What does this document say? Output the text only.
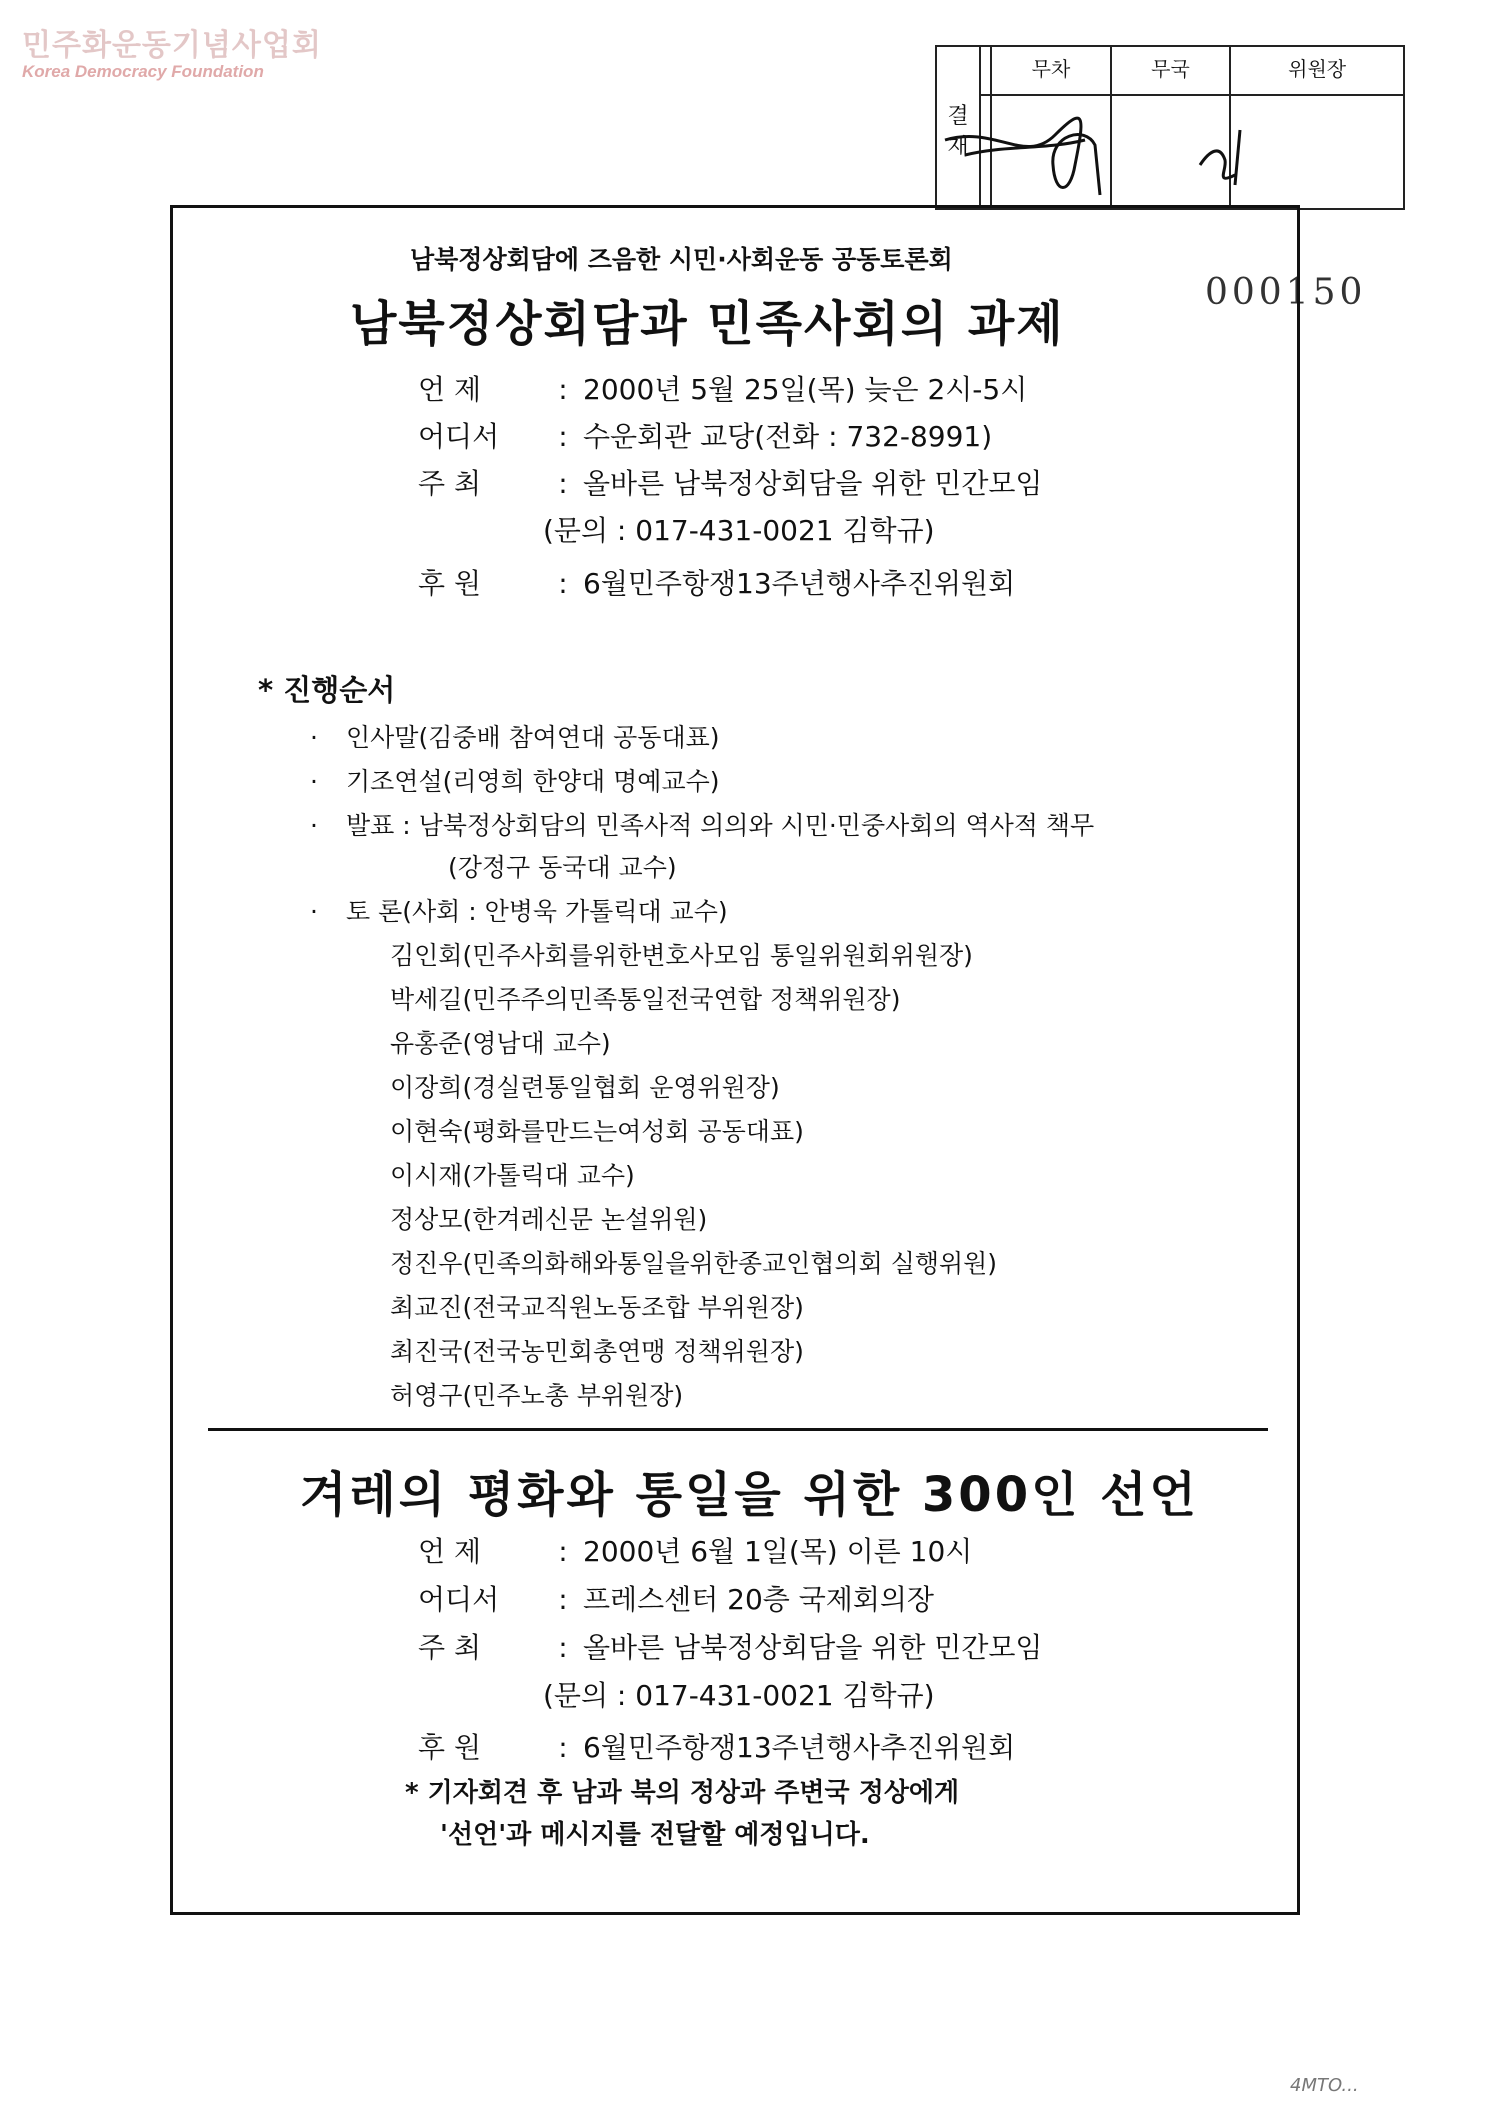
민주화운동기념사업회
Korea Democracy Foundation
결재		무차	무국	위원장

000150
남북정상회담에 즈음한 시민·사회운동 공동토론회
남북정상회담과 민족사회의 과제
언 제	: 2000년 5월 25일(목) 늦은 2시-5시
어디서 : 수운회관 교당(전화 : 732-8991)
주 최	: 올바른 남북정상회담을 위한 민간모임
(문의 : 017-431-0021 김학규)
후 원	: 6월민주항쟁13주년행사추진위원회
* 진행순서
· 인사말(김중배 참여연대 공동대표)
· 기조연설(리영희 한양대 명예교수)
· 발표 : 남북정상회담의 민족사적 의의와 시민·민중사회의 역사적 책무
(강정구 동국대 교수)
· 토 론(사회 : 안병욱 가톨릭대 교수)
김인회(민주사회를위한변호사모임 통일위원회위원장)
박세길(민주주의민족통일전국연합 정책위원장)
유홍준(영남대 교수)
이장희(경실련통일협회 운영위원장)
이현숙(평화를만드는여성회 공동대표)
이시재(가톨릭대 교수)
정상모(한겨레신문 논설위원)
정진우(민족의화해와통일을위한종교인협의회 실행위원)
최교진(전국교직원노동조합 부위원장)
최진국(전국농민회총연맹 정책위원장)
허영구(민주노총 부위원장)
겨레의 평화와 통일을 위한 300인 선언
언 제	: 2000년 6월 1일(목) 이른 10시
어디서 : 프레스센터 20층 국제회의장
주 최	: 올바른 남북정상회담을 위한 민간모임
(문의 : 017-431-0021 김학규)
후 원	: 6월민주항쟁13주년행사추진위원회
* 기자회견 후 남과 북의 정상과 주변국 정상에게
'선언'과 메시지를 전달할 예정입니다.
4MTO...
